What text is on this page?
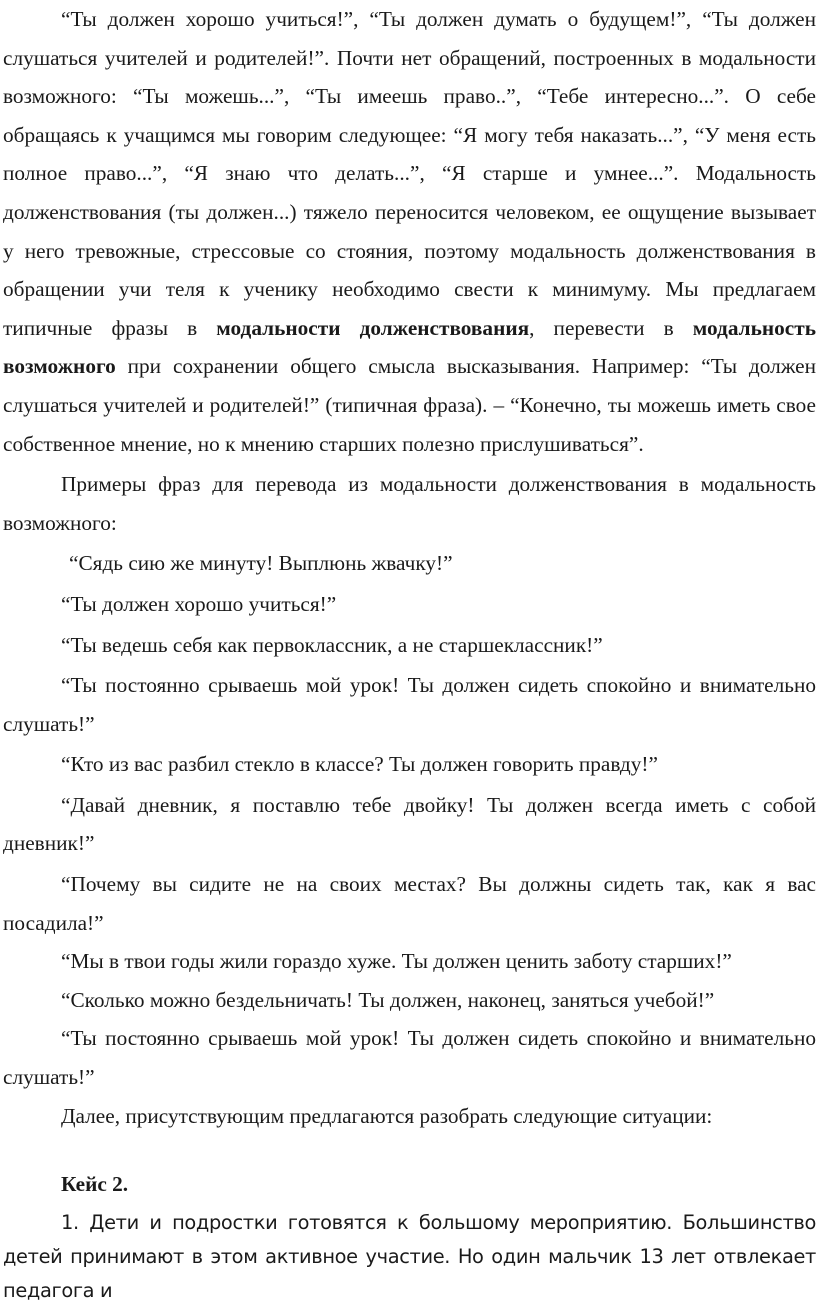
“Ты должен хорошо учиться!”, “Ты должен думать о будущем!”, “Ты должен слушаться учителей и родителей!”. Почти нет обращений, построенных в модальности возможного: “Ты можешь...”, “Ты имеешь право..”, “Тебе интересно...”. О себе обращаясь к учащимся мы говорим следующее: “Я могу тебя наказать...”, “У меня есть полное право...”, “Я знаю что делать...”, “Я старше и умнее...”. Модальность долженствования (ты должен...) тяжело переносится человеком, ее ощущение вызывает у него тревожные, стрессовые со стояния, поэтому модальность долженствования в обращении учи теля к ученику необходимо свести к минимуму. Мы предлагаем типичные фразы в модальности долженствования, перевести в модальность возможного при сохранении общего смысла высказывания. Например: “Ты должен слушаться учителей и родителей!” (типичная фраза). – “Конечно, ты можешь иметь свое собственное мнение, но к мнению старших полезно прислушиваться”.

Примеры фраз для перевода из модальности долженствования в модальность возможного:

“Сядь сию же минуту! Выплюнь жвачку!”

“Ты должен хорошо учиться!”

“Ты ведешь себя как первоклассник, а не старшеклассник!”

“Ты постоянно срываешь мой урок! Ты должен сидеть спокойно и внимательно слушать!”

“Кто из вас разбил стекло в классе? Ты должен говорить правду!”

“Давай дневник, я поставлю тебе двойку! Ты должен всегда иметь с собой дневник!”

“Почему вы сидите не на своих местах? Вы должны сидеть так, как я вас посадила!”

“Мы в твои годы жили гораздо хуже. Ты должен ценить заботу старших!”

“Сколько можно бездельничать! Ты должен, наконец, заняться учебой!”

“Ты постоянно срываешь мой урок! Ты должен сидеть спокойно и внимательно слушать!”

Далее, присутствующим предлагаются разобрать следующие ситуации:

Кейс 2.

1. Дети и подростки готовятся к большому мероприятию. Большинство детей принимают в этом активное участие. Но один мальчик 13 лет отвлекает педагога и
